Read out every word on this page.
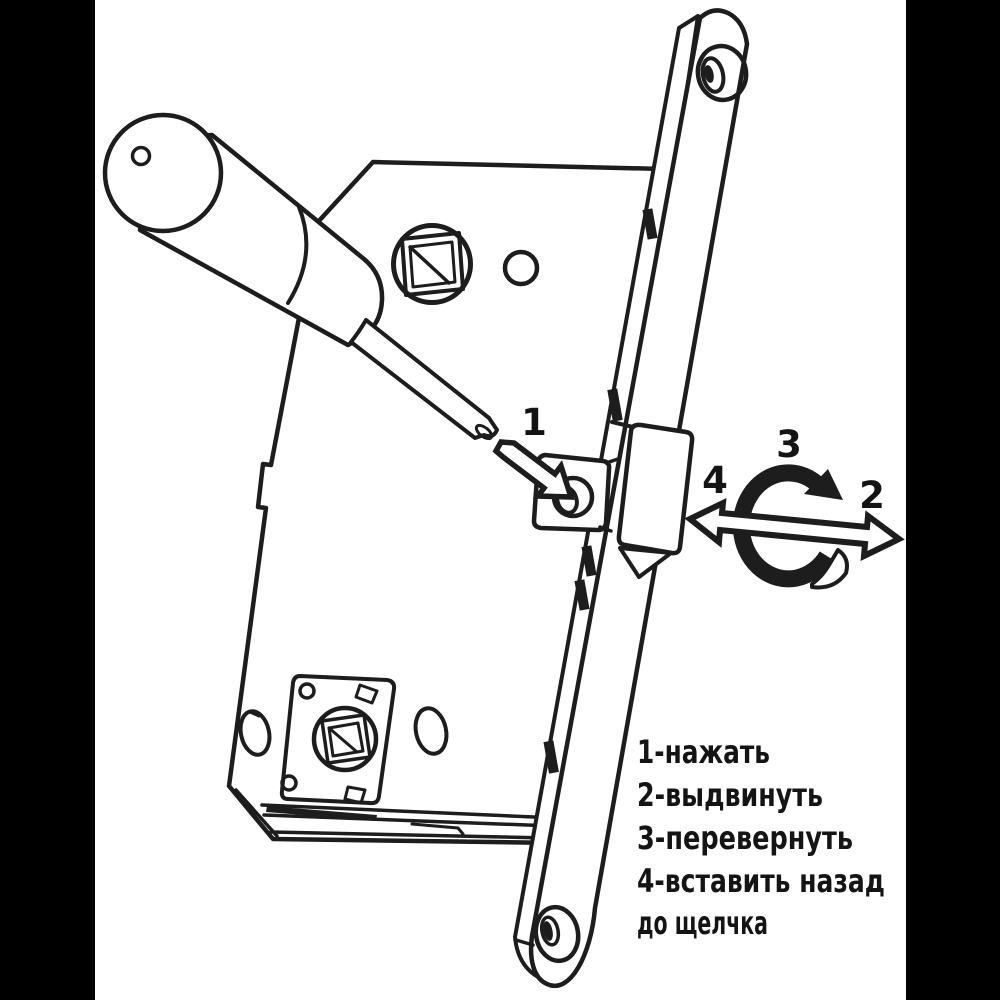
1
2
3
4
1-нажать
2-выдвинуть
3-перевернуть
4-вставить назад
до щелчка
